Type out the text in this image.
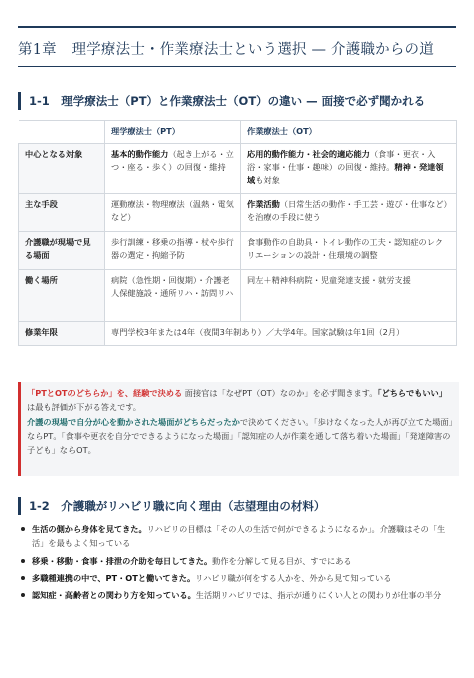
第1章　理学療法士・作業療法士という選択 — 介護職からの道
1-1　理学療法士（PT）と作業療法士（OT）の違い — 面接で必ず聞かれる
	理学療法士（PT）	作業療法士（OT）
中心となる対象	基本的動作能力（起き上がる・立つ・座る・歩く）の回復・維持	応用的動作能力・社会的適応能力（食事・更衣・入浴・家事・仕事・趣味）の回復・維持。精神・発達領域も対象
主な手段	運動療法・物理療法（温熱・電気など）	作業活動（日常生活の動作・手工芸・遊び・仕事など）を治療の手段に使う
介護職が現場で見る場面	歩行訓練・移乗の指導・杖や歩行器の選定・拘縮予防	食事動作の自助具・トイレ動作の工夫・認知症のレクリエーションの設計・住環境の調整
働く場所	病院（急性期・回復期）・介護老人保健施設・通所リハ・訪問リハ	同左＋精神科病院・児童発達支援・就労支援
修業年限	専門学校3年または4年（夜間3年制あり）／大学4年。国家試験は年1回（2月）	
「PTとOTのどちらか」を、経験で決める 面接官は「なぜPT（OT）なのか」を必ず聞きます。「どちらでもいい」は最も評価が下がる答えです。
介護の現場で自分が心を動かされた場面がどちらだったかで決めてください。「歩けなくなった人が再び立てた場面」ならPT。「食事や更衣を自分でできるようになった場面」「認知症の人が作業を通して落ち着いた場面」「発達障害の子ども」ならOT。
1-2　介護職がリハビリ職に向く理由（志望理由の材料）
生活の側から身体を見てきた。リハビリの目標は「その人の生活で何ができるようになるか」。介護職はその「生活」を最もよく知っている
移乗・移動・食事・排泄の介助を毎日してきた。動作を分解して見る目が、すでにある
多職種連携の中で、PT・OTと働いてきた。リハビリ職が何をする人かを、外から見て知っている
認知症・高齢者との関わり方を知っている。生活期リハビリでは、指示が通りにくい人との関わりが仕事の半分
